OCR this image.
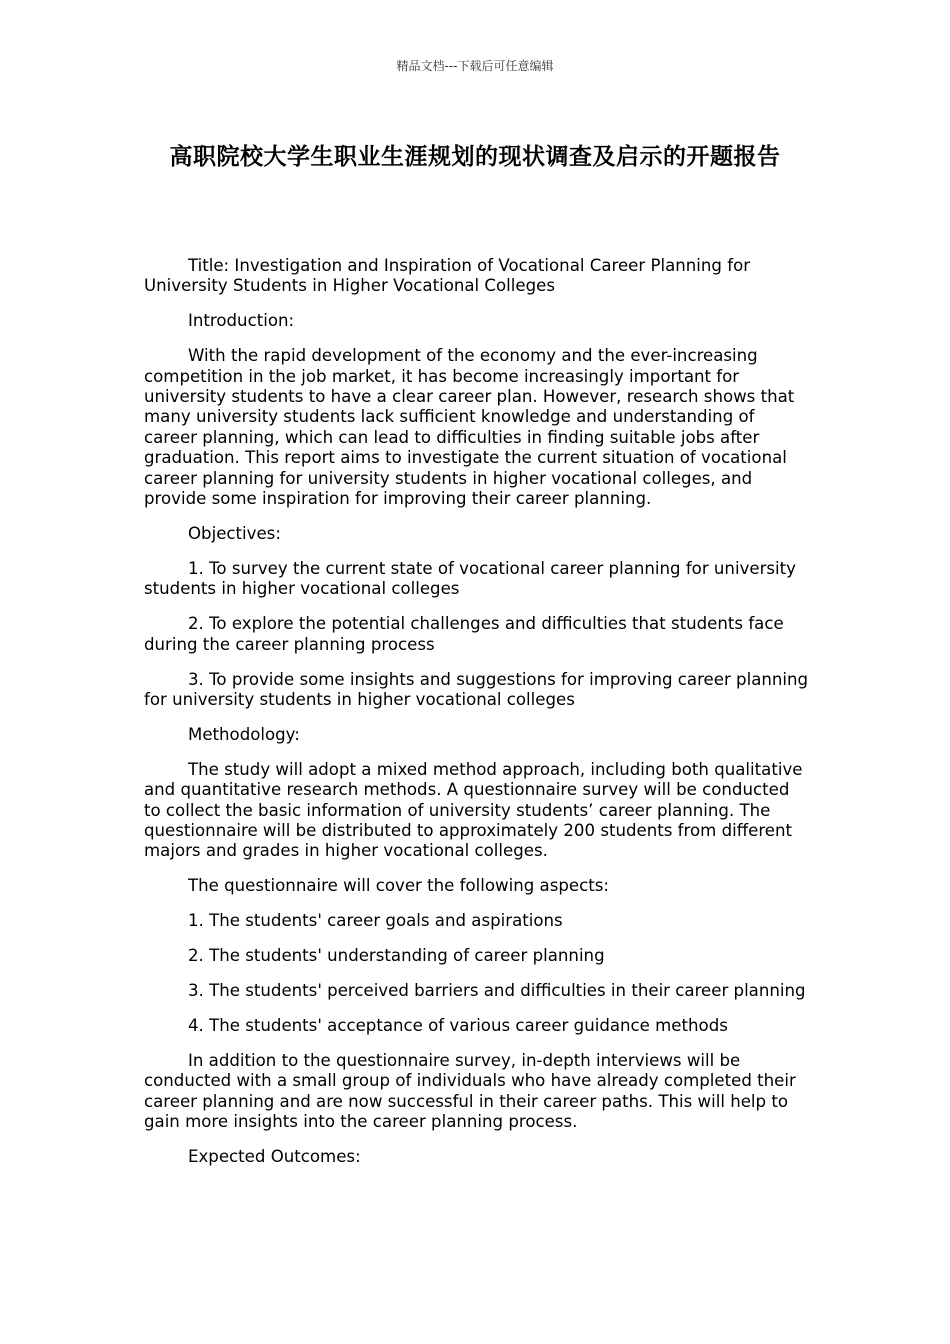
精品文档---下载后可任意编辑
高职院校大学生职业生涯规划的现状调查及启示的开题报告

Title: Investigation and Inspiration of Vocational Career Planning for University Students in Higher Vocational Colleges

Introduction:

With the rapid development of the economy and the ever-increasing competition in the job market, it has become increasingly important for university students to have a clear career plan. However, research shows that many university students lack sufficient knowledge and understanding of career planning, which can lead to difficulties in finding suitable jobs after graduation. This report aims to investigate the current situation of vocational career planning for university students in higher vocational colleges, and provide some inspiration for improving their career planning.

Objectives:

1. To survey the current state of vocational career planning for university students in higher vocational colleges

2. To explore the potential challenges and difficulties that students face during the career planning process

3. To provide some insights and suggestions for improving career planning for university students in higher vocational colleges

Methodology:

The study will adopt a mixed method approach, including both qualitative and quantitative research methods. A questionnaire survey will be conducted to collect the basic information of university students’ career planning. The questionnaire will be distributed to approximately 200 students from different majors and grades in higher vocational colleges.

The questionnaire will cover the following aspects:

1. The students' career goals and aspirations

2. The students' understanding of career planning

3. The students' perceived barriers and difficulties in their career planning

4. The students' acceptance of various career guidance methods

In addition to the questionnaire survey, in-depth interviews will be conducted with a small group of individuals who have already completed their career planning and are now successful in their career paths. This will help to gain more insights into the career planning process.

Expected Outcomes:
